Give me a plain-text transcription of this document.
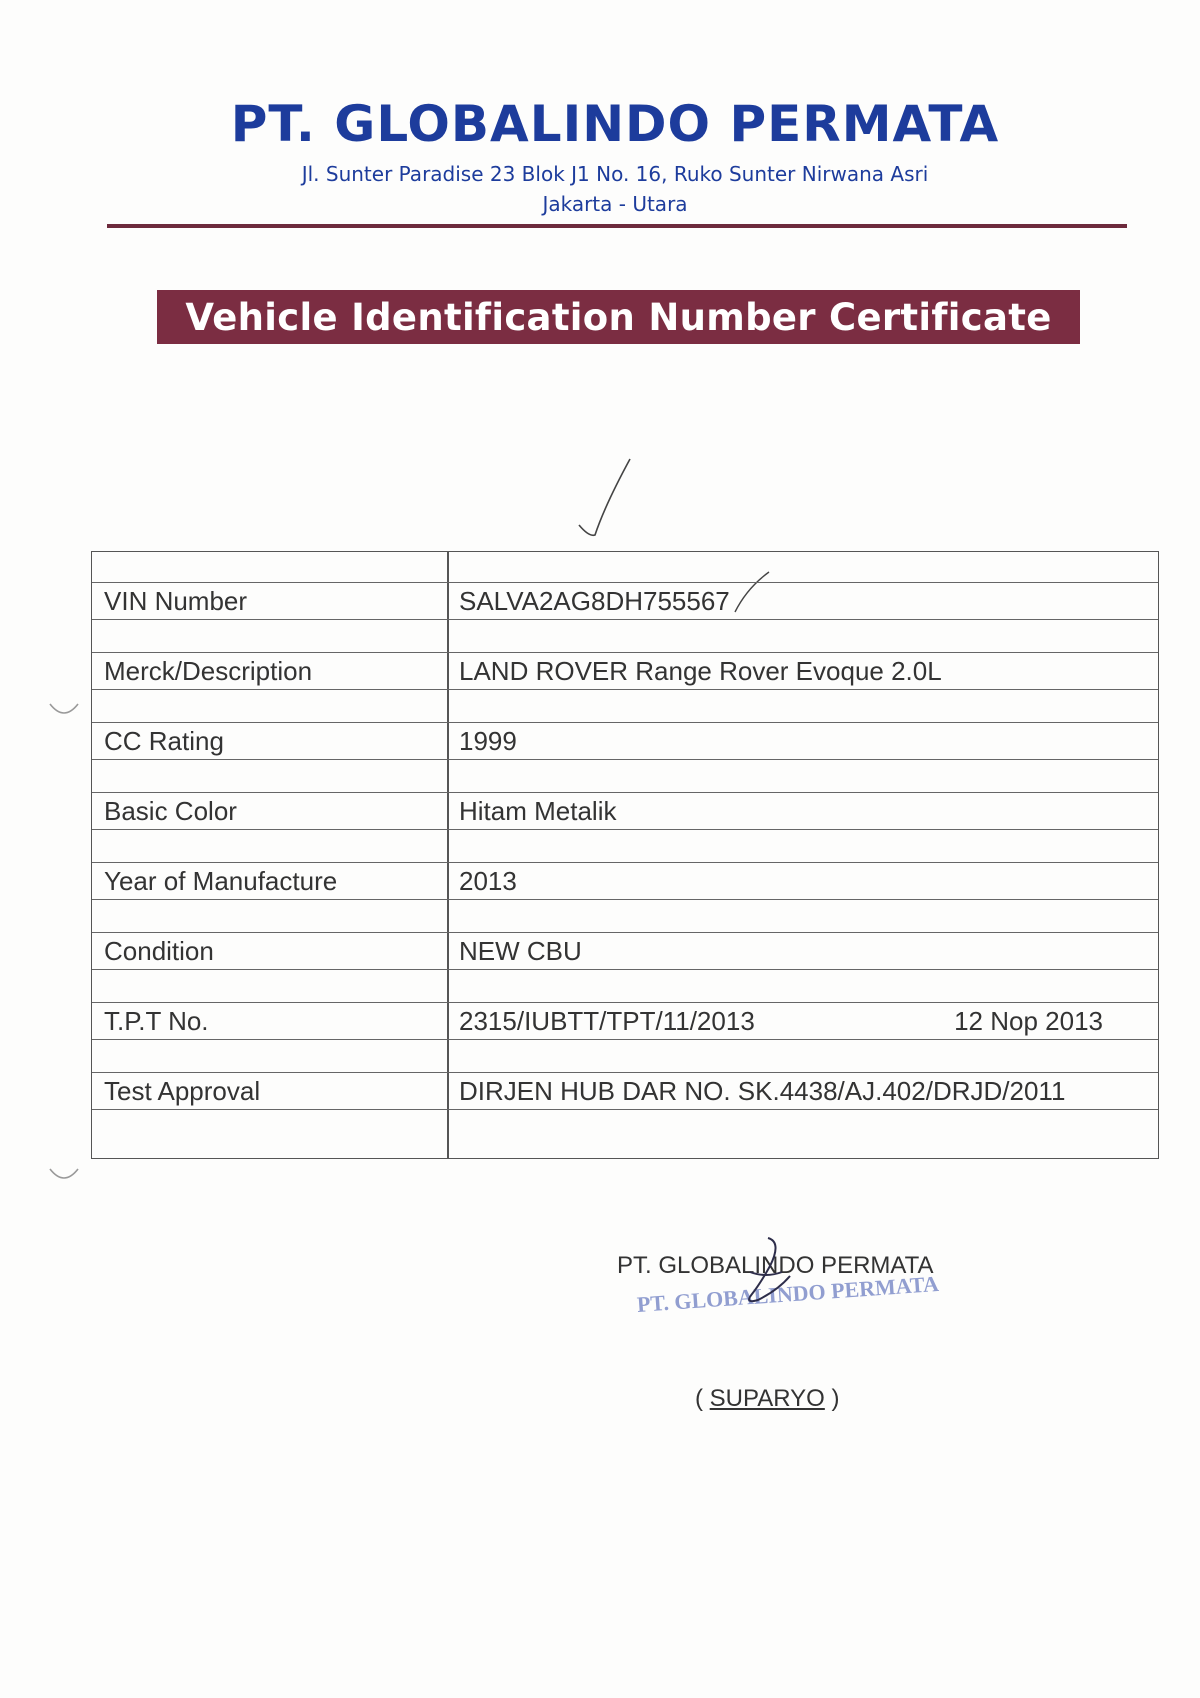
PT. GLOBALINDO PERMATA
Jl. Sunter Paradise 23 Blok J1 No. 16, Ruko Sunter Nirwana Asri
Jakarta - Utara
Vehicle Identification Number Certificate
VIN Number	SALVA2AG8DH755567
Merck/Description	LAND ROVER Range Rover Evoque 2.0L
CC Rating	1999
Basic Color	Hitam Metalik
Year of Manufacture	2013
Condition	NEW CBU
T.P.T No.	2315/IUBTT/TPT/11/2013	12 Nop 2013
Test Approval	DIRJEN HUB DAR NO. SK.4438/AJ.402/DRJD/2011
PT. GLOBALINDO PERMATA
PT. GLOBALINDO PERMATA
( SUPARYO )
